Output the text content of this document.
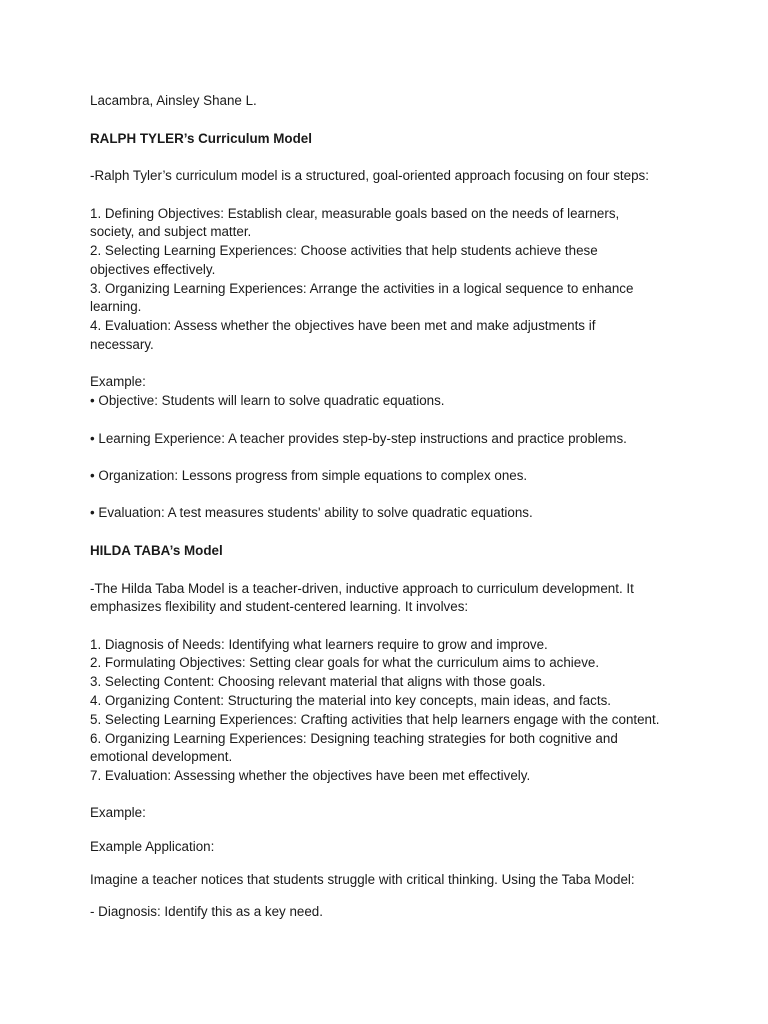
Lacambra, Ainsley Shane L.

RALPH TYLER’s Curriculum Model

-Ralph Tyler’s curriculum model is a structured, goal-oriented approach focusing on four steps:

1. Defining Objectives: Establish clear, measurable goals based on the needs of learners,

society, and subject matter.

2. Selecting Learning Experiences: Choose activities that help students achieve these

objectives effectively.

3. Organizing Learning Experiences: Arrange the activities in a logical sequence to enhance

learning.

4. Evaluation: Assess whether the objectives have been met and make adjustments if

necessary.

Example:

• Objective: Students will learn to solve quadratic equations.

• Learning Experience: A teacher provides step-by-step instructions and practice problems.

• Organization: Lessons progress from simple equations to complex ones.

• Evaluation: A test measures students' ability to solve quadratic equations.

HILDA TABA’s Model

-The Hilda Taba Model is a teacher-driven, inductive approach to curriculum development. It

emphasizes flexibility and student-centered learning. It involves:

1. Diagnosis of Needs: Identifying what learners require to grow and improve.

2. Formulating Objectives: Setting clear goals for what the curriculum aims to achieve.

3. Selecting Content: Choosing relevant material that aligns with those goals.

4. Organizing Content: Structuring the material into key concepts, main ideas, and facts.

5. Selecting Learning Experiences: Crafting activities that help learners engage with the content.

6. Organizing Learning Experiences: Designing teaching strategies for both cognitive and

emotional development.

7. Evaluation: Assessing whether the objectives have been met effectively.

Example:

Example Application:

Imagine a teacher notices that students struggle with critical thinking. Using the Taba Model:

- Diagnosis: Identify this as a key need.
